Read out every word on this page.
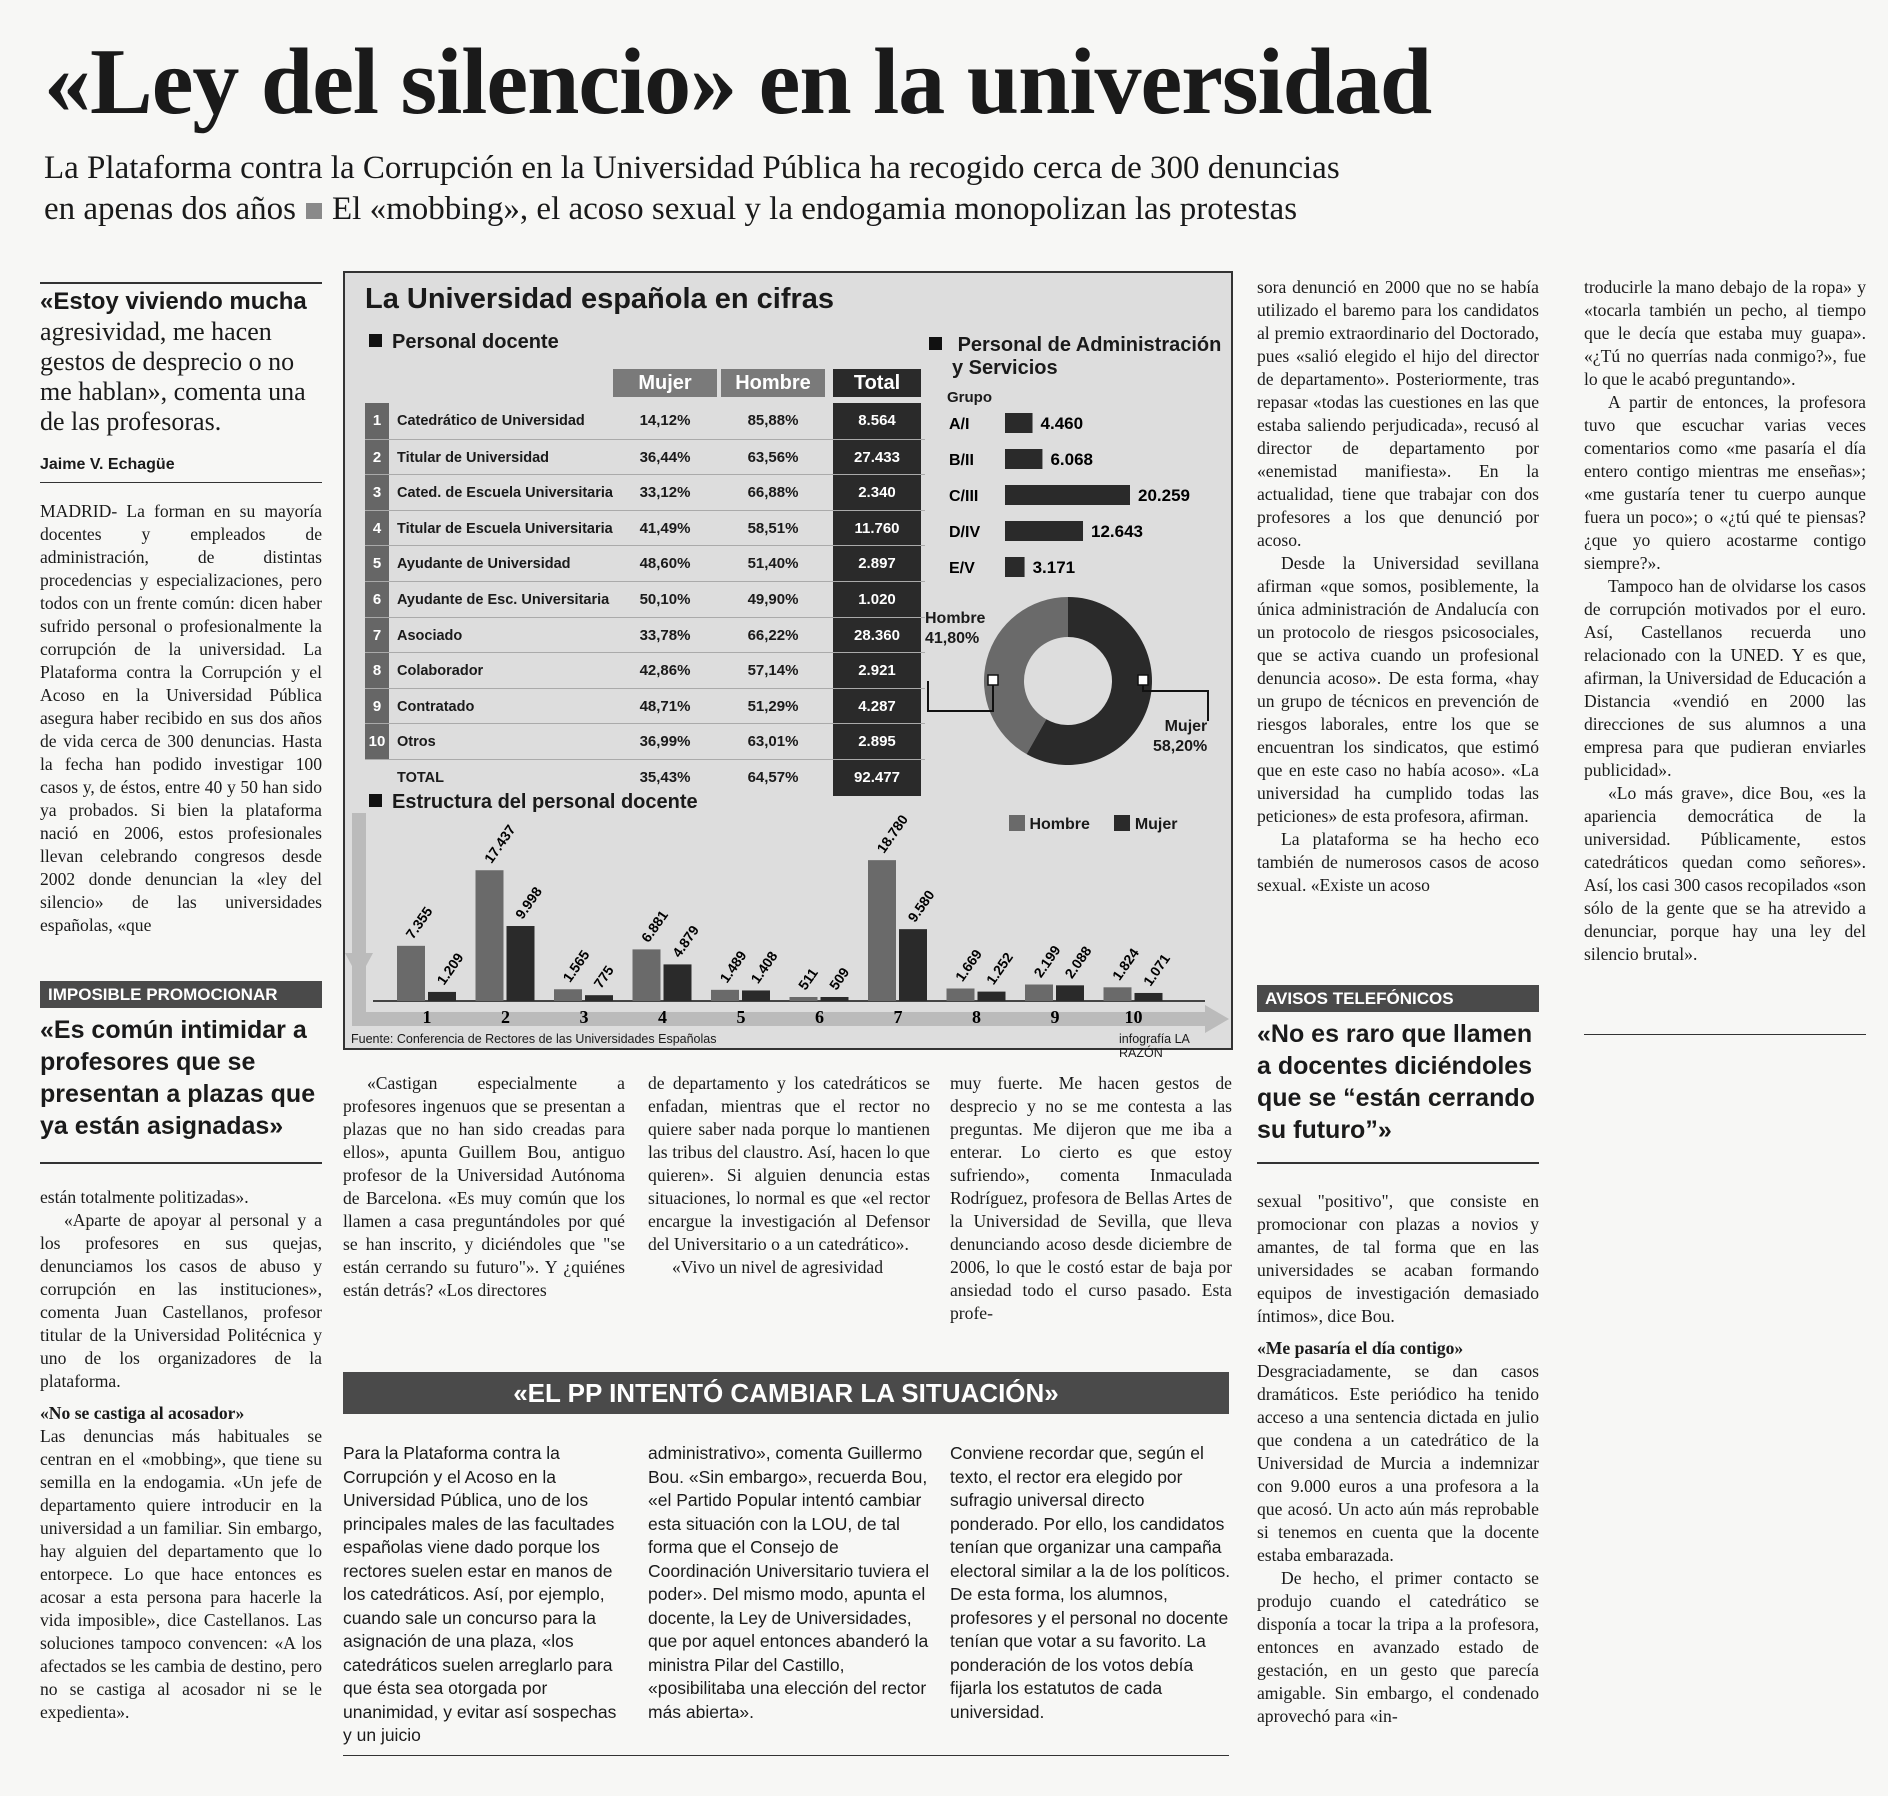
«Ley del silencio» en la universidad
La Plataforma contra la Corrupción en la Universidad Pública ha recogido cerca de 300 denuncias
en apenas dos años El «mobbing», el acoso sexual y la endogamia monopolizan las protestas
«Estoy viviendo mucha agresividad, me hacen gestos de desprecio o no me hablan», comenta una de las profesoras.
Jaime V. Echagüe

MADRID- La forman en su mayoría docentes y empleados de administración, de distintas procedencias y especializaciones, pero todos con un frente común: dicen haber sufrido personal o profesionalmente la corrupción de la universidad. La Plataforma contra la Corrupción y el Acoso en la Universidad Pública asegura haber recibido en sus dos años de vida cerca de 300 denuncias. Hasta la fecha han podido investigar 100 casos y, de éstos, entre 40 y 50 han sido ya probados. Si bien la plataforma nació en 2006, estos profesionales llevan celebrando congresos desde 2002 donde denuncian la «ley del silencio» de las universidades españolas, «que

IMPOSIBLE PROMOCIONAR
«Es común intimidar a profesores que se presentan a plazas que ya están asignadas»

están totalmente politizadas».

«Aparte de apoyar al personal y a los profesores en sus quejas, denunciamos los casos de abuso y corrupción en las instituciones», comenta Juan Castellanos, profesor titular de la Universidad Politécnica y uno de los organizadores de la plataforma.

«No se castiga al acosador»

Las denuncias más habituales se centran en el «mobbing», que tiene su semilla en la endogamia. «Un jefe de departamento quiere introducir en la universidad a un familiar. Sin embargo, hay alguien del departamento que lo entorpece. Lo que hace entonces es acosar a esta persona para hacerle la vida imposible», dice Castellanos. Las soluciones tampoco convencen: «A los afectados se les cambia de destino, pero no se castiga al acosador ni se le expedienta».

La Universidad española en cifras
Personal docente
Mujer	Hombre	Total
1	Catedrático de Universidad	14,12%	85,88%	8.564
2	Titular de Universidad	36,44%	63,56%	27.433
3	Cated. de Escuela Universitaria	33,12%	66,88%	2.340
4	Titular de Escuela Universitaria	41,49%	58,51%	11.760
5	Ayudante de Universidad	48,60%	51,40%	2.897
6	Ayudante de Esc. Universitaria	50,10%	49,90%	1.020
7	Asociado	33,78%	66,22%	28.360
8	Colaborador	42,86%	57,14%	2.921
9	Contratado	48,71%	51,29%	4.287
10 Otros	36,99%	63,01%	2.895
TOTAL	35,43%	64,57%	92.477
Personal de Administración
y Servicios
Grupo
A/I	4.460
B/II	6.068
C/III	20.259
D/IV	12.643
E/V	3.171
Hombre
41,80%
Mujer
58,20%
Estructura del personal docente
Hombre	Mujer
7.355
1.209
1
17.437
9.998
2
1.565
775
3
6.881
4.879
4
1.489
1.408
5
511 509
6
18.780
9.580
7
1.669
1.252
8
2.199
2.088
9
1.824
1.071
10
Fuente: Conferencia de Rectores de las Universidades Españolas	infografía LA RAZÓN

«Castigan especialmente a profesores ingenuos que se presentan a plazas que no han sido creadas para ellos», apunta Guillem Bou, antiguo profesor de la Universidad Autónoma de Barcelona. «Es muy común que los llamen a casa preguntándoles por qué se han inscrito, y diciéndoles que "se están cerrando su futuro"». Y ¿quiénes están detrás? «Los directores

de departamento y los catedráticos se enfadan, mientras que el rector no quiere saber nada porque lo mantienen las tribus del claustro. Así, hacen lo que quieren». Si alguien denuncia estas situaciones, lo normal es que «el rector encargue la investigación al Defensor del Universitario o a un catedrático».

«Vivo un nivel de agresividad

muy fuerte. Me hacen gestos de desprecio y no se me contesta a las preguntas. Me dijeron que me iba a enterar. Lo cierto es que estoy sufriendo», comenta Inmaculada Rodríguez, profesora de Bellas Artes de la Universidad de Sevilla, que lleva denunciando acoso desde diciembre de 2006, lo que le costó estar de baja por ansiedad todo el curso pasado. Esta profe-

«EL PP INTENTÓ CAMBIAR LA SITUACIÓN»
Para la Plataforma contra la Corrupción y el Acoso en la Universidad Pública, uno de los principales males de las facultades españolas viene dado porque los rectores suelen estar en manos de los catedráticos. Así, por ejemplo, cuando sale un concurso para la asignación de una plaza, «los catedráticos suelen arreglarlo para que ésta sea otorgada por unanimidad, y evitar así sospechas y un juicio
administrativo», comenta Guillermo Bou. «Sin embargo», recuerda Bou, «el Partido Popular intentó cambiar esta situación con la LOU, de tal forma que el Consejo de Coordinación Universitario tuviera el poder». Del mismo modo, apunta el docente, la Ley de Universidades, que por aquel entonces abanderó la ministra Pilar del Castillo, «posibilitaba una elección del rector más abierta».
Conviene recordar que, según el texto, el rector era elegido por sufragio universal directo ponderado. Por ello, los candidatos tenían que organizar una campaña electoral similar a la de los políticos. De esta forma, los alumnos, profesores y el personal no docente tenían que votar a su favorito. La ponderación de los votos debía fijarla los estatutos de cada universidad.

sora denunció en 2000 que no se había utilizado el baremo para los candidatos al premio extraordinario del Doctorado, pues «salió elegido el hijo del director de departamento». Posteriormente, tras repasar «todas las cuestiones en las que estaba saliendo perjudicada», recusó al director de departamento por «enemistad manifiesta». En la actualidad, tiene que trabajar con dos profesores a los que denunció por acoso.

Desde la Universidad sevillana afirman «que somos, posiblemente, la única administración de Andalucía con un protocolo de riesgos psicosociales, que se activa cuando un profesional denuncia acoso». De esta forma, «hay un grupo de técnicos en prevención de riesgos laborales, entre los que se encuentran los sindicatos, que estimó que en este caso no había acoso». «La universidad ha cumplido todas las peticiones» de esta profesora, afirman.

La plataforma se ha hecho eco también de numerosos casos de acoso sexual. «Existe un acoso

AVISOS TELEFÓNICOS
«No es raro que llamen a docentes diciéndoles que se “están cerrando su futuro”»

sexual "positivo", que consiste en promocionar con plazas a novios y amantes, de tal forma que en las universidades se acaban formando equipos de investigación demasiado íntimos», dice Bou.

«Me pasaría el día contigo»

Desgraciadamente, se dan casos dramáticos. Este periódico ha tenido acceso a una sentencia dictada en julio que condena a un catedrático de la Universidad de Murcia a indemnizar con 9.000 euros a una profesora a la que acosó. Un acto aún más reprobable si tenemos en cuenta que la docente estaba embarazada.

De hecho, el primer contacto se produjo cuando el catedrático se disponía a tocar la tripa a la profesora, entonces en avanzado estado de gestación, en un gesto que parecía amigable. Sin embargo, el condenado aprovechó para «in-

troducirle la mano debajo de la ropa» y «tocarla también un pecho, al tiempo que le decía que estaba muy guapa». «¿Tú no querrías nada conmigo?», fue lo que le acabó preguntando».

A partir de entonces, la profesora tuvo que escuchar varias veces comentarios como «me pasaría el día entero contigo mientras me enseñas»; «me gustaría tener tu cuerpo aunque fuera un poco»; o «¿tú qué te piensas? ¿que yo quiero acostarme contigo siempre?».

Tampoco han de olvidarse los casos de corrupción motivados por el euro. Así, Castellanos recuerda uno relacionado con la UNED. Y es que, afirman, la Universidad de Educación a Distancia «vendió en 2000 las direcciones de sus alumnos a una empresa para que pudieran enviarles publicidad».

«Lo más grave», dice Bou, «es la apariencia democrática de la universidad. Públicamente, estos catedráticos quedan como señores». Así, los casi 300 casos recopilados «son sólo de la gente que se ha atrevido a denunciar, porque hay una ley del silencio brutal».
